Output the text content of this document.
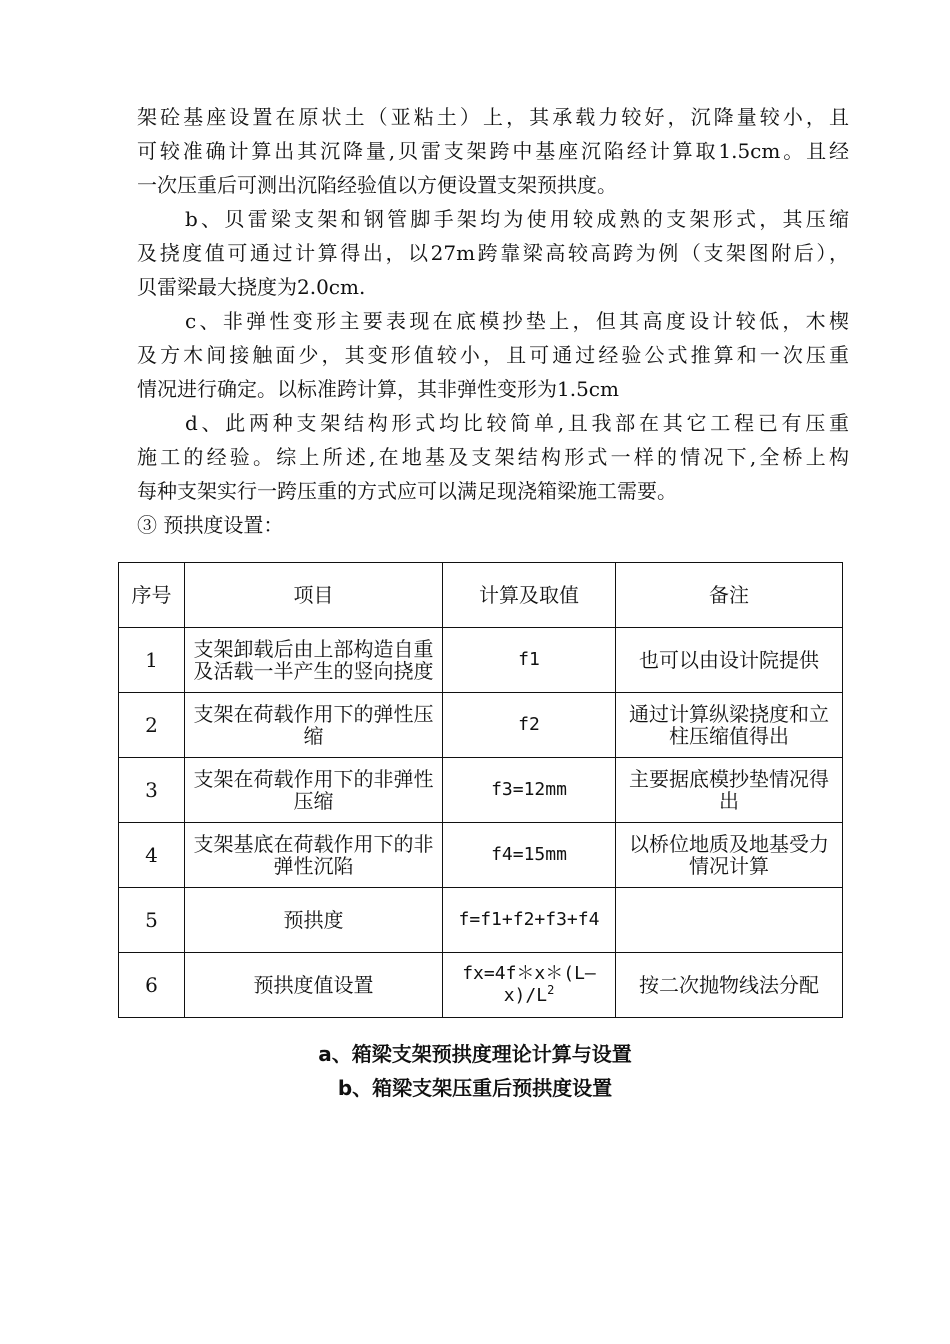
架砼基座设置在原状土（亚粘土）上，其承载力较好，沉降量较小，且
可较准确计算出其沉降量,贝雷支架跨中基座沉陷经计算取1.5cm。且经
一次压重后可测出沉陷经验值以方便设置支架预拱度。
b、贝雷梁支架和钢管脚手架均为使用较成熟的支架形式，其压缩
及挠度值可通过计算得出，以27m跨靠梁高较高跨为例（支架图附后），
贝雷梁最大挠度为2.0cm.
c、非弹性变形主要表现在底模抄垫上，但其高度设计较低，木楔
及方木间接触面少，其变形值较小，且可通过经验公式推算和一次压重
情况进行确定。以标准跨计算，其非弹性变形为1.5cm
d、此两种支架结构形式均比较简单,且我部在其它工程已有压重
施工的经验。综上所述,在地基及支架结构形式一样的情况下,全桥上构
每种支架实行一跨压重的方式应可以满足现浇箱梁施工需要。
③ 预拱度设置：
序号	项目	计算及取值	备注
1	支架卸载后由上部构造自重及活载一半产生的竖向挠度	f1	也可以由设计院提供
2	支架在荷载作用下的弹性压缩	f2	通过计算纵梁挠度和立柱压缩值得出
3	支架在荷载作用下的非弹性压缩	f3=12mm	主要据底模抄垫情况得出
4	支架基底在荷载作用下的非弹性沉陷	f4=15mm	以桥位地质及地基受力情况计算
5	预拱度	f=f1+f2+f3+f4	
6	预拱度值设置	$fx=4f*x*(L—x)/L^2$	按二次抛物线法分配
a、箱梁支架预拱度理论计算与设置
b、箱梁支架压重后预拱度设置
